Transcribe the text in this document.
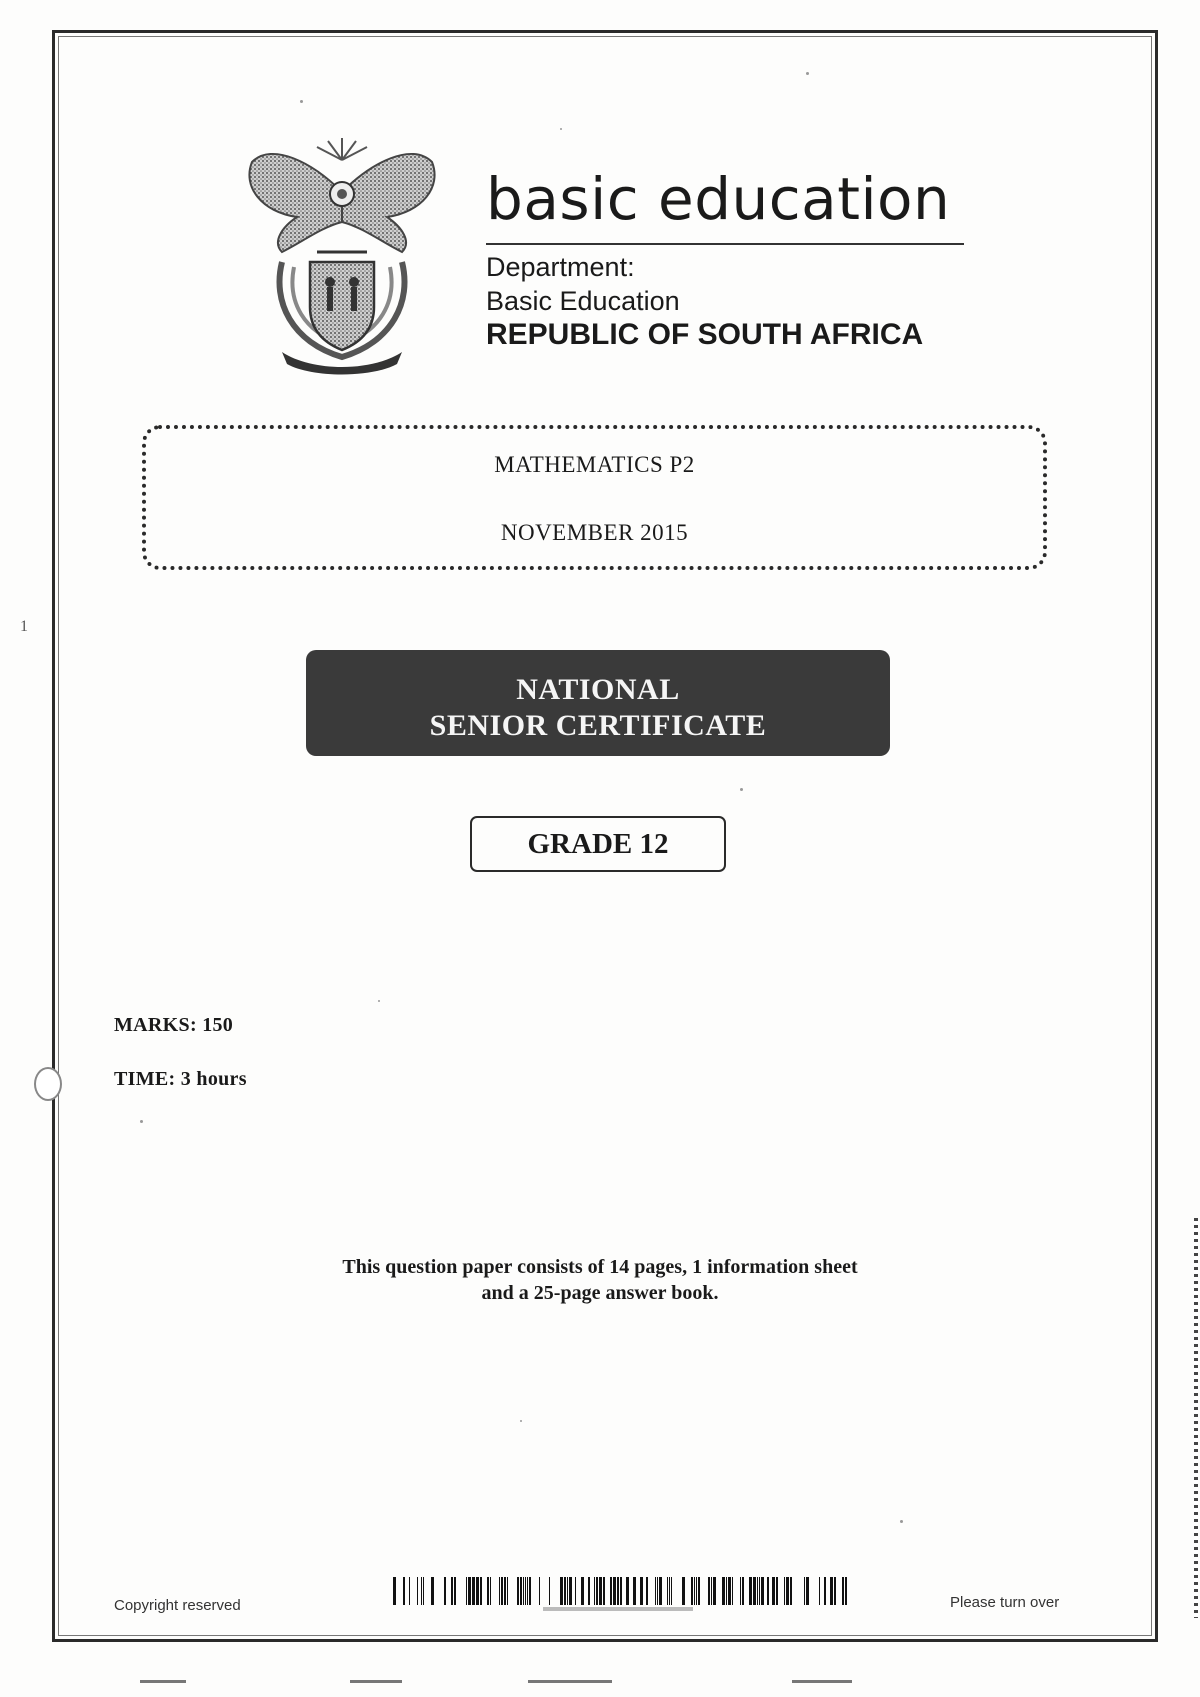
basic education
Department:
Basic Education
REPUBLIC OF SOUTH AFRICA
MATHEMATICS P2
NOVEMBER 2015
NATIONAL
SENIOR CERTIFICATE
GRADE 12
MARKS: 150
TIME: 3 hours
This question paper consists of 14 pages, 1 information sheet
and a 25-page answer book.
Copyright reserved	Please turn over
1
